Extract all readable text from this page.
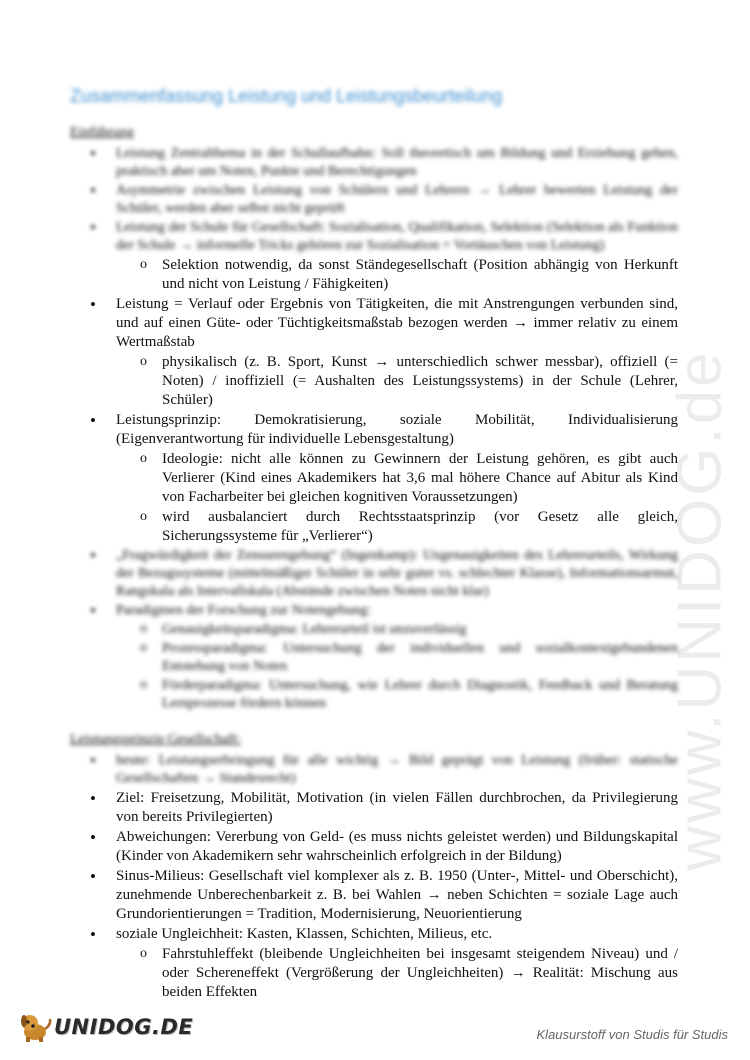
www.UNIDOG.de
Zusammenfassung Leistung und Leistungsbeurteilung
Einführung
• Leistung Zentralthema in der Schullaufbahn: Soll theoretisch um Bildung und Erziehung gehen, praktisch aber um Noten, Punkte und Berechtigungen
• Asymmetrie zwischen Leistung von Schülern und Lehrern → Lehrer bewerten Leistung der Schüler, werden aber selbst nicht geprüft
• Leistung der Schule für Gesellschaft: Sozialisation, Qualifikation, Selektion (Selektion als Funktion der Schule → informelle Tricks gehören zur Sozialisation = Vortäuschen von Leistung)
o Selektion notwendig, da sonst Ständegesellschaft (Position abhängig von Herkunft und nicht von Leistung / Fähigkeiten)
• Leistung = Verlauf oder Ergebnis von Tätigkeiten, die mit Anstrengungen verbunden sind, und auf einen Güte- oder Tüchtigkeitsmaßstab bezogen werden → immer relativ zu einem Wertmaßstab
o physikalisch (z. B. Sport, Kunst → unterschiedlich schwer messbar), offiziell (= Noten) / inoffiziell (= Aushalten des Leistungssystems) in der Schule (Lehrer, Schüler)
• Leistungsprinzip: Demokratisierung, soziale Mobilität, Individualisierung (Eigenverantwortung für individuelle Lebensgestaltung)
o Ideologie: nicht alle können zu Gewinnern der Leistung gehören, es gibt auch Verlierer (Kind eines Akademikers hat 3,6 mal höhere Chance auf Abitur als Kind von Facharbeiter bei gleichen kognitiven Voraussetzungen)
o wird ausbalanciert durch Rechtsstaatsprinzip (vor Gesetz alle gleich, Sicherungssysteme für „Verlierer“)
• „Fragwürdigkeit der Zensurengebung“ (Ingenkamp): Ungenauigkeiten des Lehrerurteils, Wirkung der Bezugssysteme (mittelmäßiger Schüler in sehr guter vs. schlechter Klasse), Informationsarmut, Rangskala als Intervallskala (Abstände zwischen Noten nicht klar)
• Paradigmen der Forschung zur Notengebung:
o Genauigkeitsparadigma: Lehrerurteil ist unzuverlässig
o Prozessparadigma: Untersuchung der individuellen und sozialkontextgebundenen Entstehung von Noten
o Förderparadigma: Untersuchung, wie Lehrer durch Diagnostik, Feedback und Beratung Lernprozesse fördern können
Leistungsprinzip Gesellschaft:
• heute: Leistungserbringung für alle wichtig → Bild geprägt von Leistung (früher: statische Gesellschaften → Standesrecht)
• Ziel: Freisetzung, Mobilität, Motivation (in vielen Fällen durchbrochen, da Privilegierung von bereits Privilegierten)
• Abweichungen: Vererbung von Geld- (es muss nichts geleistet werden) und Bildungskapital (Kinder von Akademikern sehr wahrscheinlich erfolgreich in der Bildung)
• Sinus-Milieus: Gesellschaft viel komplexer als z. B. 1950 (Unter-, Mittel- und Oberschicht), zunehmende Unberechenbarkeit z. B. bei Wahlen → neben Schichten = soziale Lage auch Grundorientierungen = Tradition, Modernisierung, Neuorientierung
• soziale Ungleichheit: Kasten, Klassen, Schichten, Milieus, etc.
o Fahrstuhleffekt (bleibende Ungleichheiten bei insgesamt steigendem Niveau) und / oder Schereneffekt (Vergrößerung der Ungleichheiten) → Realität: Mischung aus beiden Effekten
UNIDOG.DE	Klausurstoff von Studis für Studis
